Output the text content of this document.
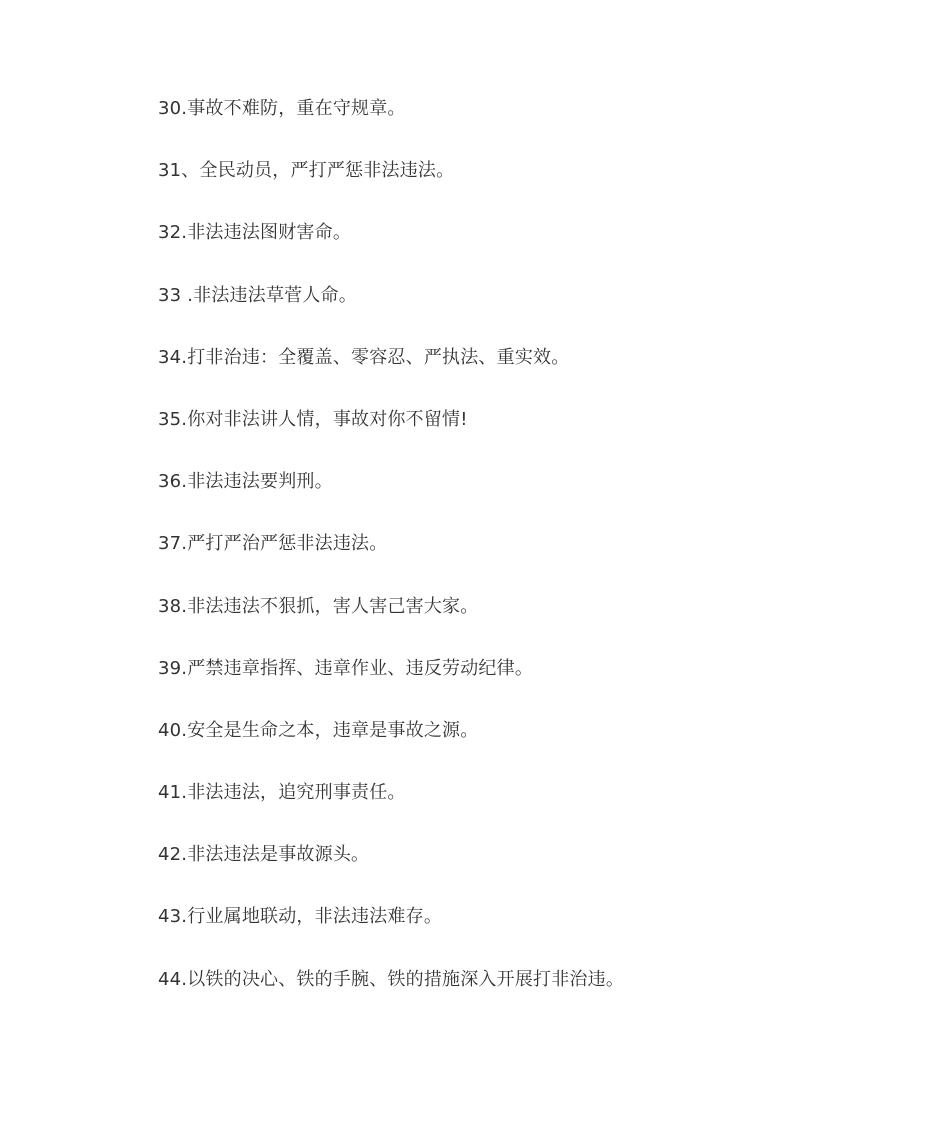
30.事故不难防，重在守规章。
31、全民动员，严打严惩非法违法。
32.非法违法图财害命。
33 .非法违法草菅人命。
34.打非治违：全覆盖、零容忍、严执法、重实效。
35.你对非法讲人情，事故对你不留情!
36.非法违法要判刑。
37.严打严治严惩非法违法。
38.非法违法不狠抓，害人害己害大家。
39.严禁违章指挥、违章作业、违反劳动纪律。
40.安全是生命之本，违章是事故之源。
41.非法违法，追究刑事责任。
42.非法违法是事故源头。
43.行业属地联动，非法违法难存。
44.以铁的决心、铁的手腕、铁的措施深入开展打非治违。
